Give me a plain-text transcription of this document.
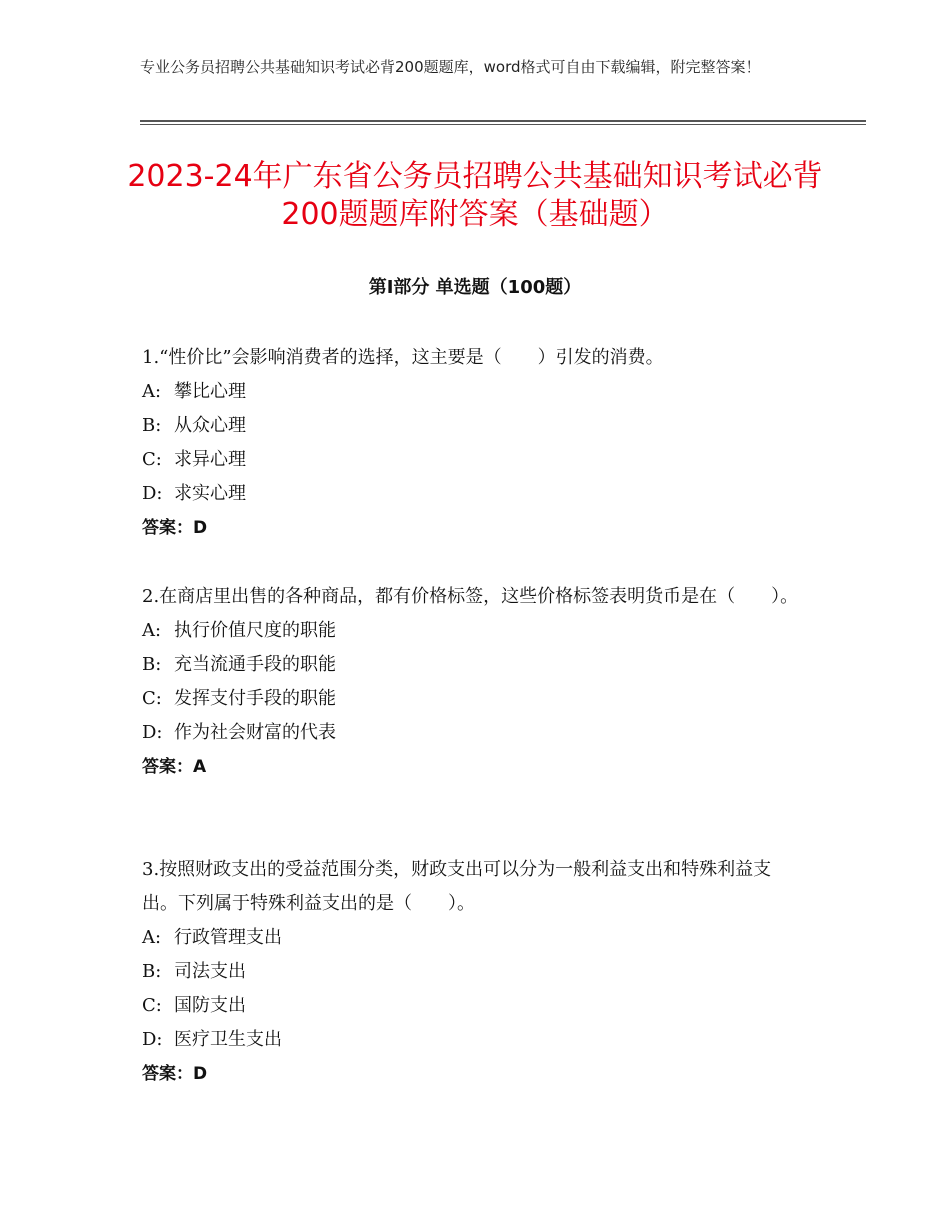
专业公务员招聘公共基础知识考试必背200题题库，word格式可自由下载编辑，附完整答案！
2023-24年广东省公务员招聘公共基础知识考试必背200题题库附答案（基础题）
第Ⅰ部分 单选题（100题）

1.“性价比”会影响消费者的选择，这主要是（　　）引发的消费。

A: 攀比心理

B: 从众心理

C: 求异心理

D: 求实心理

答案：D

2.在商店里出售的各种商品，都有价格标签，这些价格标签表明货币是在（　　）。

A: 执行价值尺度的职能

B: 充当流通手段的职能

C: 发挥支付手段的职能

D: 作为社会财富的代表

答案：A

3.按照财政支出的受益范围分类，财政支出可以分为一般利益支出和特殊利益支出。下列属于特殊利益支出的是（　　）。

A: 行政管理支出

B: 司法支出

C: 国防支出

D: 医疗卫生支出

答案：D
